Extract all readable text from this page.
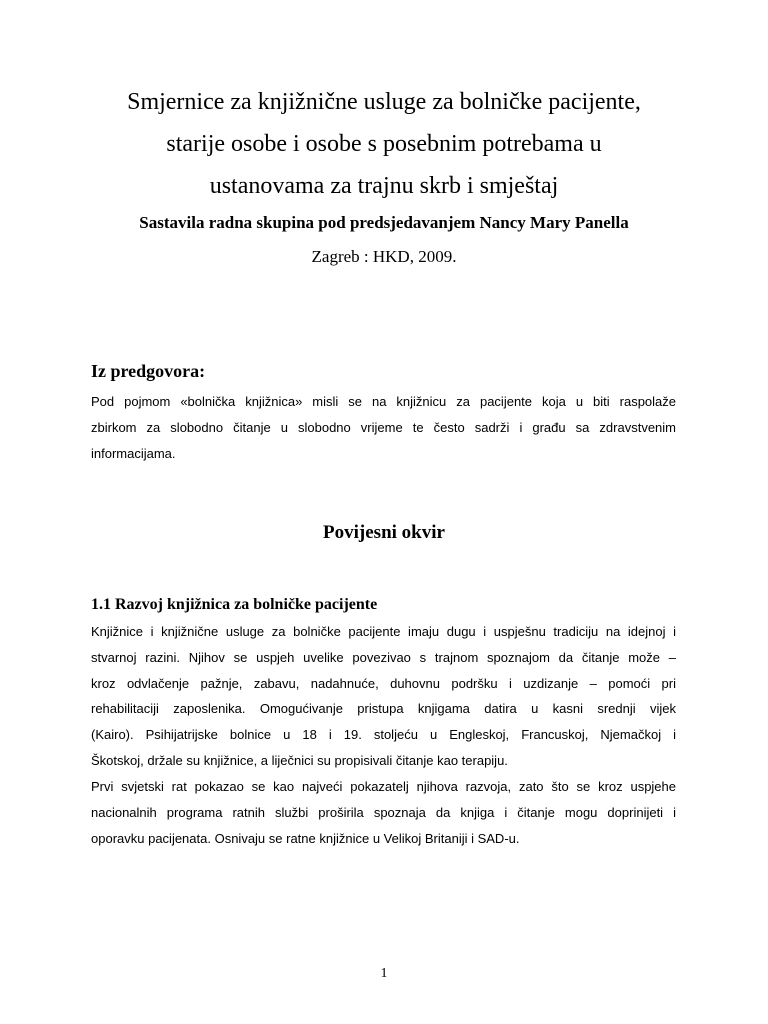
Smjernice za knjižnične usluge za bolničke pacijente,
starije osobe i osobe s posebnim potrebama u
ustanovama za trajnu skrb i smještaj
Sastavila radna skupina pod predsjedavanjem Nancy Mary Panella
Zagreb : HKD, 2009.
Iz predgovora:
Pod pojmom «bolnička knjižnica» misli se na knjižnicu za pacijente koja u biti raspolaže
zbirkom za slobodno čitanje u slobodno vrijeme te često sadrži i građu sa zdravstvenim
informacijama.
Povijesni okvir
1.1 Razvoj knjižnica za bolničke pacijente
Knjižnice i knjižnične usluge za bolničke pacijente imaju dugu i uspješnu tradiciju na idejnoj i
stvarnoj razini. Njihov se uspjeh uvelike povezivao s trajnom spoznajom da čitanje može –
kroz odvlačenje pažnje, zabavu, nadahnuće, duhovnu podršku i uzdizanje – pomoći pri
rehabilitaciji zaposlenika. Omogućivanje pristupa knjigama datira u kasni srednji vijek
(Kairo). Psihijatrijske bolnice u 18 i 19. stoljeću u Engleskoj, Francuskoj, Njemačkoj i
Škotskoj, držale su knjižnice, a liječnici su propisivali čitanje kao terapiju.
Prvi svjetski rat pokazao se kao najveći pokazatelj njihova razvoja, zato što se kroz uspjehe
nacionalnih programa ratnih službi proširila spoznaja da knjiga i čitanje mogu doprinijeti i
oporavku pacijenata. Osnivaju se ratne knjižnice u Velikoj Britaniji i SAD-u.
1
